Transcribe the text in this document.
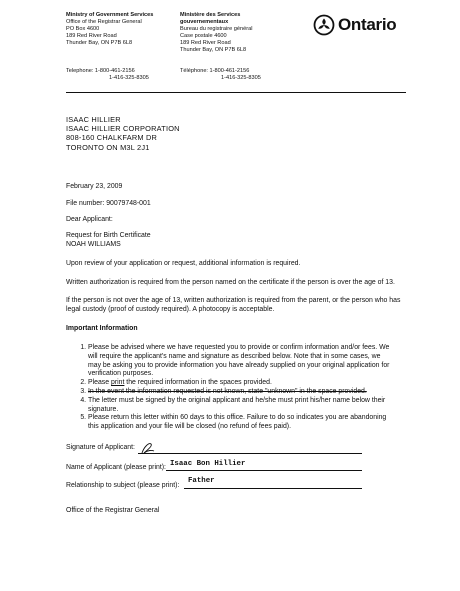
Ministry of Government Services
Office of the Registrar General
PO Box 4600
189 Red River Road
Thunder Bay, ON P7B 6L8
Telephone: 1-800-461-2156
1-416-325-8305
Ministère des Services
gouvernementaux
Bureau du registraire général
Case postale 4600
189 Red River Road
Thunder Bay, ON P7B 6L8
Téléphone: 1-800-461-2156
1-416-325-8305
Ontario
ISAAC HILLIER
ISAAC HILLIER CORPORATION
808-160 CHALKFARM DR
TORONTO ON M3L 2J1
February 23, 2009
File number: 90079748-001
Dear Applicant:
Request for Birth Certificate
NOAH WILLIAMS
Upon review of your application or request, additional information is required.
Written authorization is required from the person named on the certificate if the person is over the age of 13.
If the person is not over the age of 13, written authorization is required from the parent, or the person who has legal custody (proof of custody required). A photocopy is acceptable.
Important Information
1. Please be advised where we have requested you to provide or confirm information and/or fees. We will require the applicant's name and signature as described below. Note that in some cases, we may be asking you to provide information you have already supplied on your original application for verification purposes.
2. Please print the required information in the spaces provided.
3. In the event the information requested is not known, state "unknown" in the space provided.
4. The letter must be signed by the original applicant and he/she must print his/her name below their signature.
5. Please return this letter within 60 days to this office. Failure to do so indicates you are abandoning this application and your file will be closed (no refund of fees paid).
Signature of Applicant:
Name of Applicant (please print): Isaac Bon Hillier
Relationship to subject (please print):
Father
Office of the Registrar General
